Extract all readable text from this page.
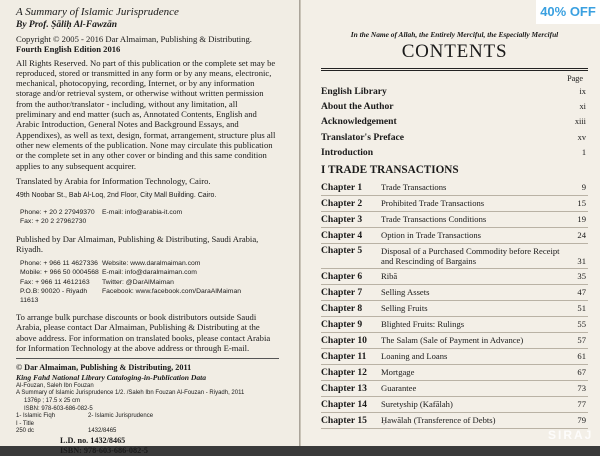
A Summary of Islamic Jurisprudence

By Prof. Ṣāliḥ Al-Fawzān

Copyright © 2005 - 2016 Dar Almaiman, Publishing & Distributing.

Fourth English Edition 2016

All Rights Reserved. No part of this publication or the complete set may be reproduced, stored or transmitted in any form or by any means, electronic, mechanical, photocopying, recording, Internet, or by any information storage and/or retrieval system, or otherwise without written permission from the author/translator - including, without any limitation, all preliminary and end matter (such as, Annotated Contents, English and Arabic Introduction, General Notes and Background Essays, and Appendixes), as well as text, design, format, arrangement, structure plus all other new elements of the publication. None may circulate this publication or the complete set in any other cover or binding and this same condition applies to any subsequent acquirer.

Translated by Arabia for Information Technology, Cairo.

49th Noobar St., Bab Al-Loq, 2nd Floor, City Mall Building. Cairo.

Phone: + 20 2 27949370	E-mail: info@arabia-it.com
Fax: + 20 2 27962730

Published by Dar Almaiman, Publishing & Distributing, Saudi Arabia, Riyadh.

Phone: + 966 11 4627336 Website: www.daralmaiman.com
Mobile: + 966 50 0004568 E-mail: info@daralmaiman.com
Fax: + 966 11 4612163	Twitter: @DarAlMaiman
P.O.B: 90020 - Riyadh 11613
Facebook: www.facebook.com/DaraAlMaiman

To arrange bulk purchase discounts or book distributors outside Saudi Arabia, please contact Dar Almaiman, Publishing & Distributing at the above address. For information on translated books, please contact Arabia for Information Technology at the above address or through E-mail.

© Dar Almaiman, Publishing & Distributing, 2011

King Fahd National Library Cataloging-in-Publication Data

Al-Fouzan, Saleh Ibn Fouzan

A Summary of Islamic Jurisprudence 1/2. /Saleh Ibn Fouzan Al-Fouzan - Riyadh, 2011

1376p ; 17.5 x 25 cm

ISBN: 978-603-686-082-5

1- Islamic Fiqh	2- Islamic Jurisprudence
I - Title
250 dc	1432/8465

L.D. no. 1432/8465

ISBN: 978-603-686-082-5

In the Name of Allah, the Entirely Merciful, the Especially Merciful

CONTENTS

Page

English Library	ix
About the Author	xi
Acknowledgement	xiii
Translator's Preface	xv
Introduction	1

I TRADE TRANSACTIONS

Chapter 1	Trade Transactions	9
Chapter 2	Prohibited Trade Transactions	15
Chapter 3	Trade Transactions Conditions	19
Chapter 4	Option in Trade Transactions	24
Chapter 5	Disposal of a Purchased Commodity before Receipt and Rescinding of Bargains	31
Chapter 6	Ribā	35
Chapter 7	Selling Assets	47
Chapter 8	Selling Fruits	51
Chapter 9	Blighted Fruits: Rulings	55
Chapter 10	The Salam (Sale of Payment in Advance)	57
Chapter 11	Loaning and Loans	61
Chapter 12	Mortgage	67
Chapter 13	Guarantee	73
Chapter 14	Suretyship (Kafālah)	77
Chapter 15	Ḥawālah (Transference of Debts)	79
40% OFF
SIRAJ
